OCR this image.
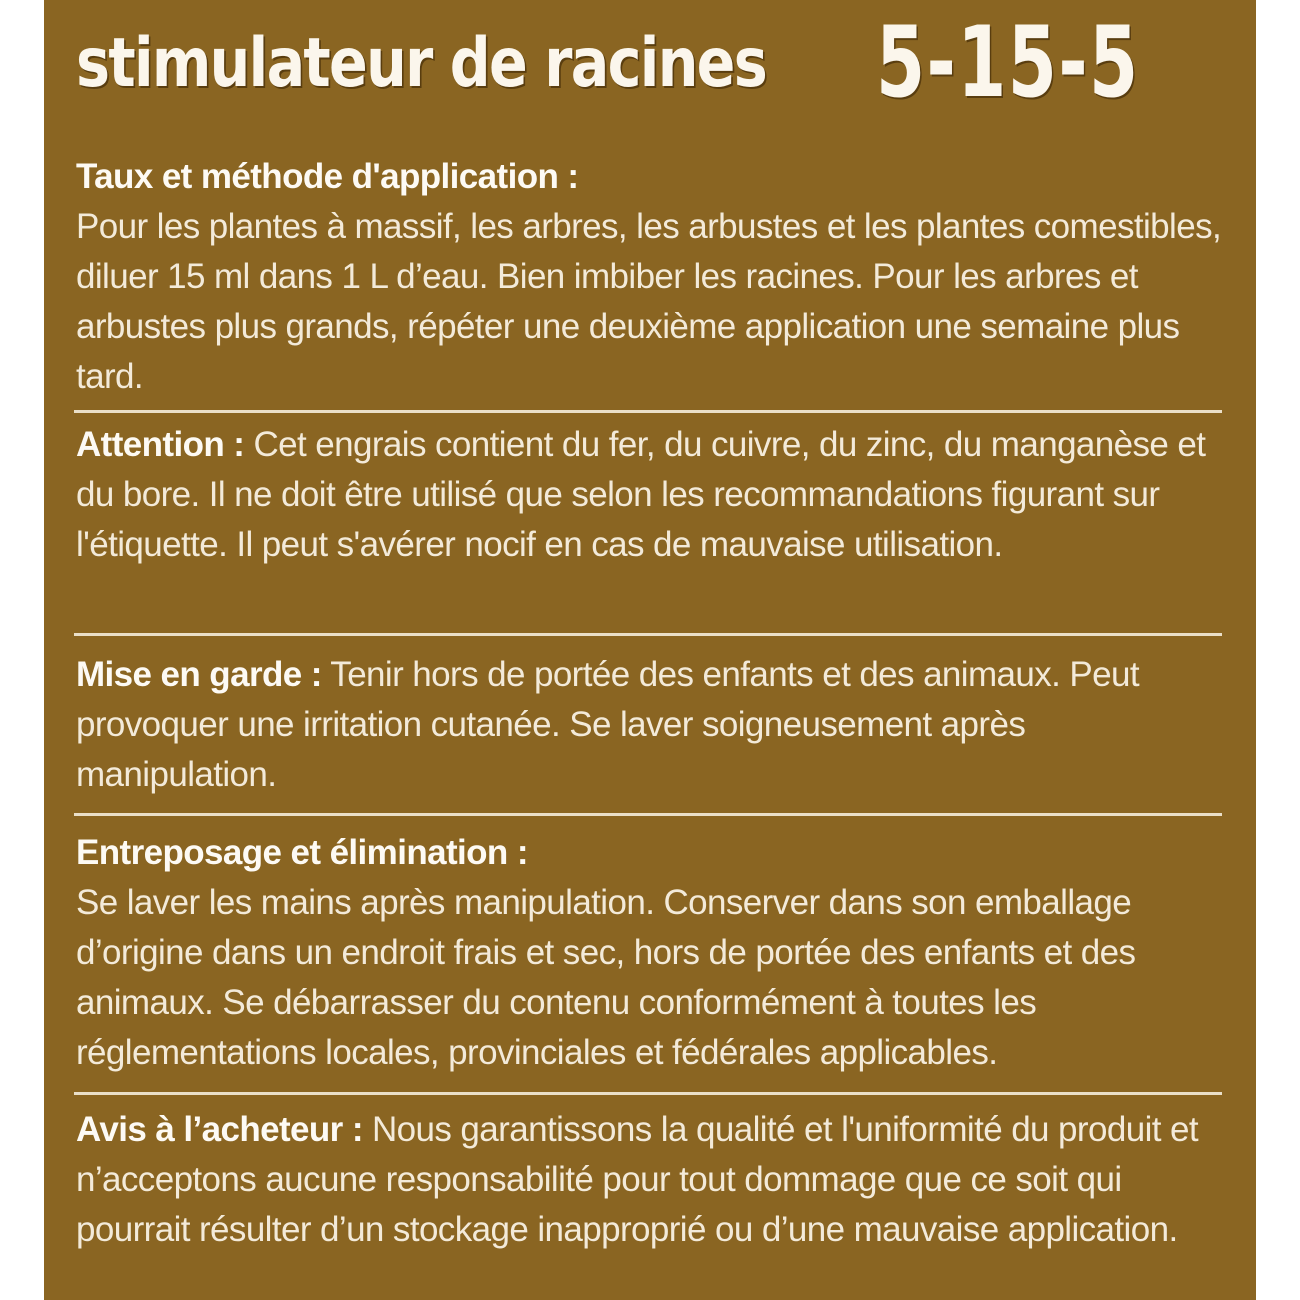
stimulateur de racines 5-15-5
Taux et méthode d'application :
Pour les plantes à massif, les arbres, les arbustes et les plantes comestibles, diluer 15 ml dans 1 L d’eau. Bien imbiber les racines. Pour les arbres et arbustes plus grands, répéter une deuxième application une semaine plus tard.
Attention : Cet engrais contient du fer, du cuivre, du zinc, du manganèse et du bore. Il ne doit être utilisé que selon les recommandations figurant sur l'étiquette. Il peut s'avérer nocif en cas de mauvaise utilisation.
Mise en garde : Tenir hors de portée des enfants et des animaux. Peut provoquer une irritation cutanée. Se laver soigneusement après manipulation.
Entreposage et élimination :
Se laver les mains après manipulation. Conserver dans son emballage d’origine dans un endroit frais et sec, hors de portée des enfants et des animaux. Se débarrasser du contenu conformément à toutes les réglementations locales, provinciales et fédérales applicables.
Avis à l’acheteur : Nous garantissons la qualité et l'uniformité du produit et n’acceptons aucune responsabilité pour tout dommage que ce soit qui pourrait résulter d’un stockage inapproprié ou d’une mauvaise application.
